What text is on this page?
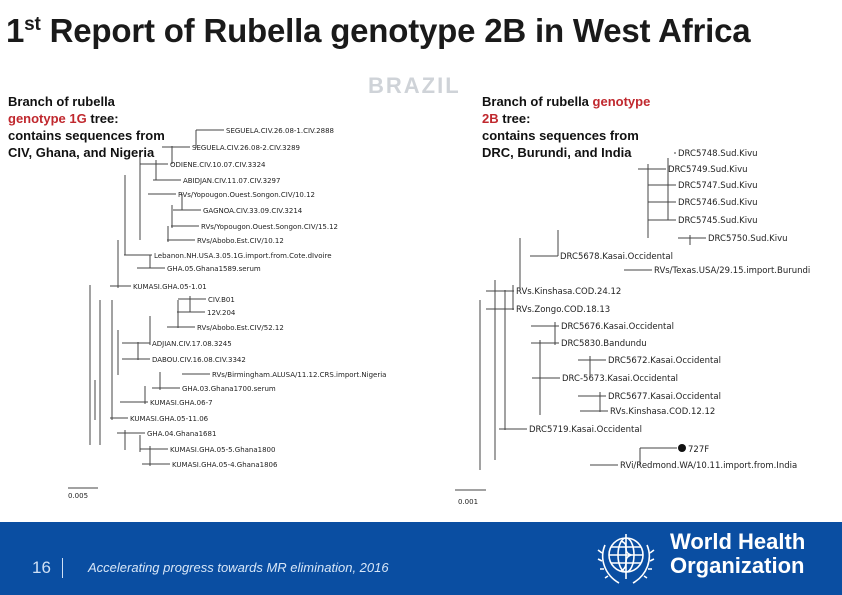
1st Report of Rubella genotype 2B in West Africa
BRAZIL
SEGUELA.CIV.26.08-1.CIV.2888
SEGUELA.CIV.26.08-2.CIV.3289
ODIENE.CIV.10.07.CIV.3324
ABIDJAN.CIV.11.07.CIV.3297
RVs/Yopougon.Ouest.Songon.CIV/10.12
GAGNOA.CIV.33.09.CIV.3214
RVs/Yopougon.Ouest.Songon.CIV/15.12
RVs/Abobo.Est.CIV/10.12
Lebanon.NH.USA.3.05.1G.import.from.Cote.dIvoire
GHA.05.Ghana1589.serum
KUMASI.GHA.05-1.01
CIV.B01
12V.204
RVs/Abobo.Est.CIV/52.12
ADJIAN.CIV.17.08.3245
DABOU.CIV.16.08.CIV.3342
RVs/Birmingham.ALUSA/11.12.CRS.import.Nigeria
GHA.03.Ghana1700.serum
KUMASI.GHA.06-7
KUMASI.GHA.05-11.06
GHA.04.Ghana1681
KUMASI.GHA.05-5.Ghana1800
KUMASI.GHA.05-4.Ghana1806
0.005
DRC5748.Sud.Kivu
DRC5749.Sud.Kivu
DRC5747.Sud.Kivu
DRC5746.Sud.Kivu
DRC5745.Sud.Kivu
DRC5750.Sud.Kivu
DRC5678.Kasai.Occidental
RVs/Texas.USA/29.15.import.Burundi
RVs.Kinshasa.COD.24.12
RVs.Zongo.COD.18.13
DRC5676.Kasai.Occidental
DRC5830.Bandundu
DRC5672.Kasai.Occidental
DRC-5673.Kasai.Occidental
DRC5677.Kasai.Occidental
RVs.Kinshasa.COD.12.12
DRC5719.Kasai.Occidental
727F
RVi/Redmond.WA/10.11.import.from.India
0.001
Branch of rubella
genotype 1G tree:
contains sequences from
CIV, Ghana, and Nigeria
Branch of rubella genotype
2B tree:
contains sequences from
DRC, Burundi, and India
16	Accelerating progress towards MR elimination, 2016
World Health
Organization
